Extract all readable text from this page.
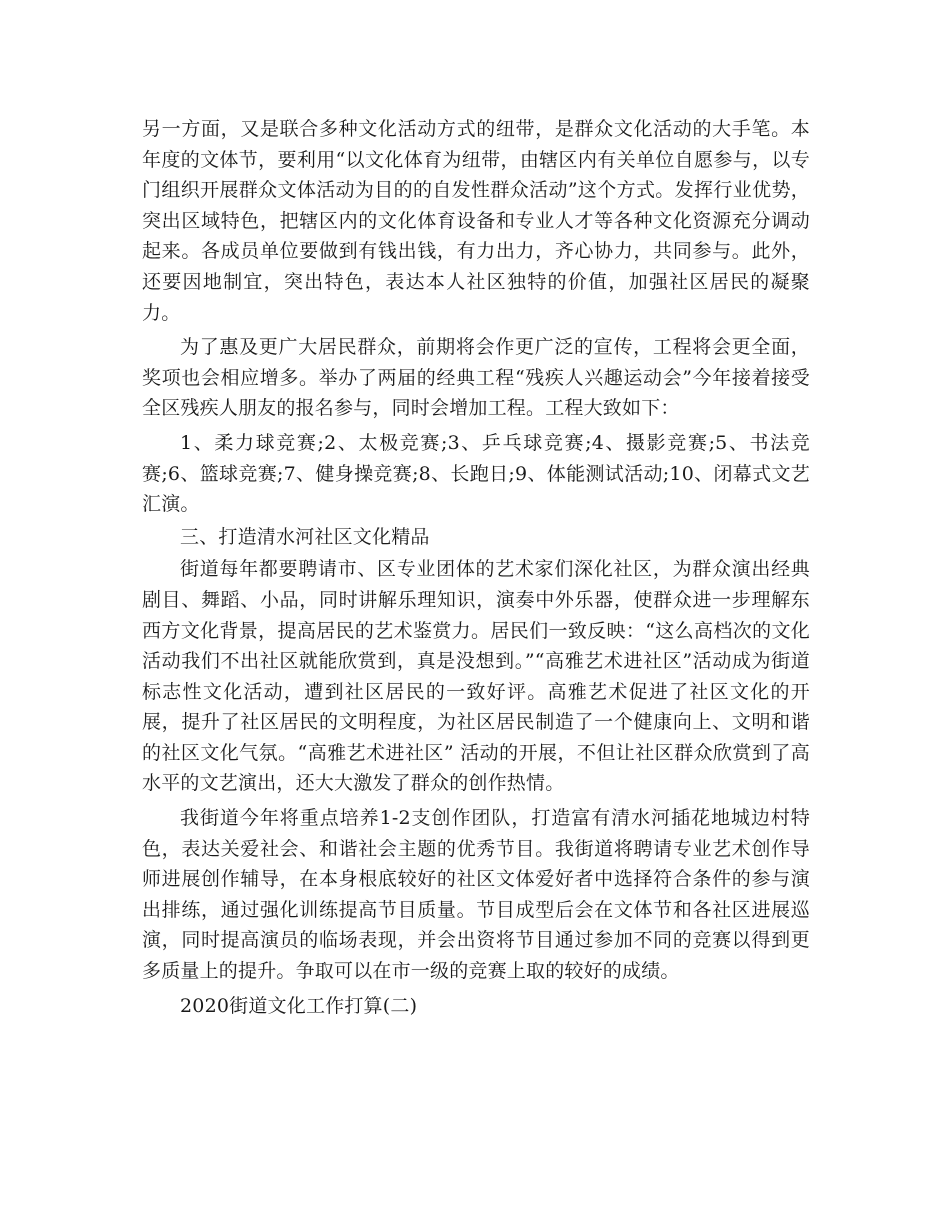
另一方面，又是联合多种文化活动方式的纽带，是群众文化活动的大手笔。本年度的文体节，要利用“以文化体育为纽带，由辖区内有关单位自愿参与，以专门组织开展群众文体活动为目的的自发性群众活动”这个方式。发挥行业优势，突出区域特色，把辖区内的文化体育设备和专业人才等各种文化资源充分调动起来。各成员单位要做到有钱出钱，有力出力，齐心协力，共同参与。此外，还要因地制宜，突出特色，表达本人社区独特的价值，加强社区居民的凝聚力。

为了惠及更广大居民群众，前期将会作更广泛的宣传，工程将会更全面，奖项也会相应增多。举办了两届的经典工程“残疾人兴趣运动会”今年接着接受全区残疾人朋友的报名参与，同时会增加工程。工程大致如下：

1、柔力球竞赛;2、太极竞赛;3、乒乓球竞赛;4、摄影竞赛;5、书法竞赛;6、篮球竞赛;7、健身操竞赛;8、长跑日;9、体能测试活动;10、闭幕式文艺汇演。

三、打造清水河社区文化精品

街道每年都要聘请市、区专业团体的艺术家们深化社区，为群众演出经典剧目、舞蹈、小品，同时讲解乐理知识，演奏中外乐器，使群众进一步理解东西方文化背景，提高居民的艺术鉴赏力。居民们一致反映：“这么高档次的文化活动我们不出社区就能欣赏到，真是没想到。”“高雅艺术进社区”活动成为街道标志性文化活动，遭到社区居民的一致好评。高雅艺术促进了社区文化的开展，提升了社区居民的文明程度，为社区居民制造了一个健康向上、文明和谐的社区文化气氛。“高雅艺术进社区” 活动的开展，不但让社区群众欣赏到了高水平的文艺演出，还大大激发了群众的创作热情。

我街道今年将重点培养1-2支创作团队，打造富有清水河插花地城边村特色，表达关爱社会、和谐社会主题的优秀节目。我街道将聘请专业艺术创作导师进展创作辅导，在本身根底较好的社区文体爱好者中选择符合条件的参与演出排练，通过强化训练提高节目质量。节目成型后会在文体节和各社区进展巡演，同时提高演员的临场表现，并会出资将节目通过参加不同的竞赛以得到更多质量上的提升。争取可以在市一级的竞赛上取的较好的成绩。

2020街道文化工作打算(二)
